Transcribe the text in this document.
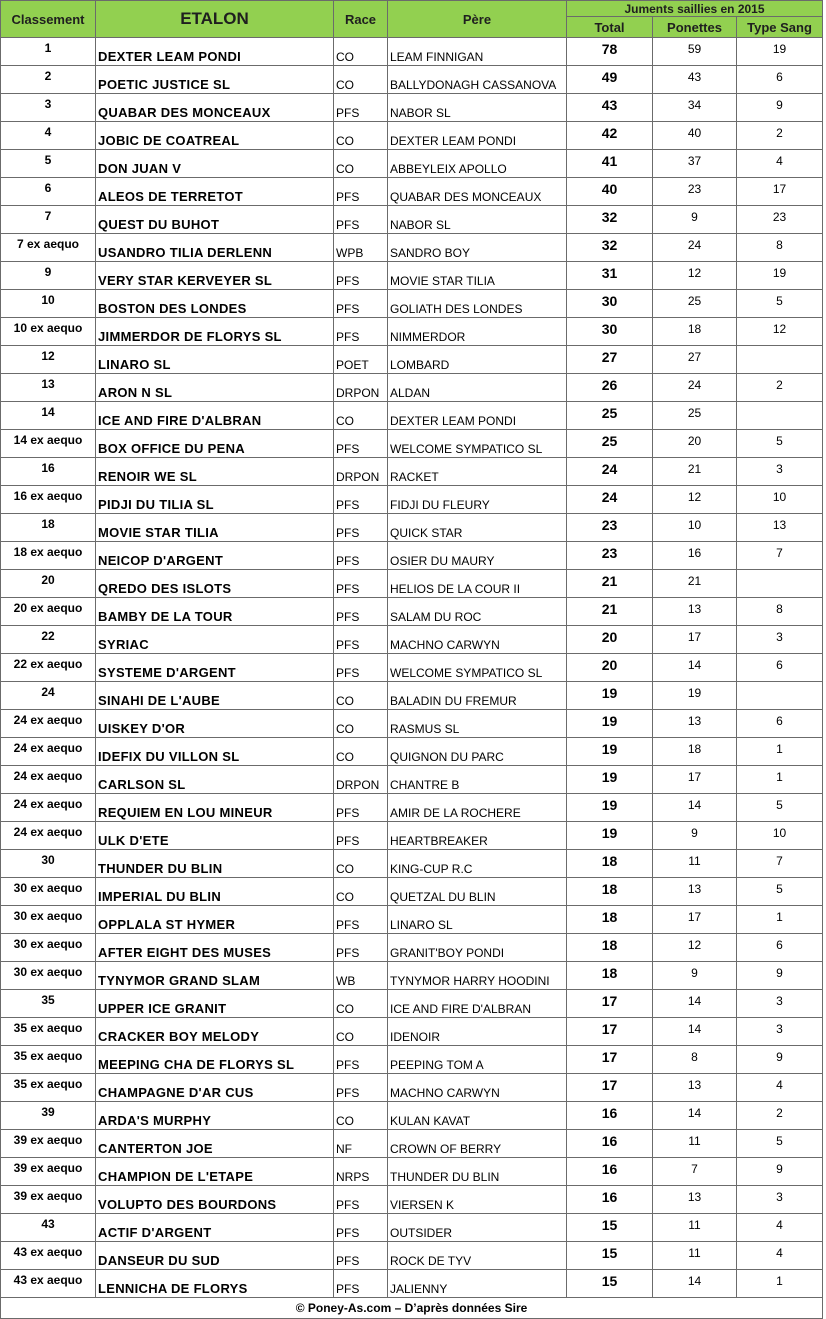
Classement	ETALON	Race	Père	Juments saillies en 2015		
				Total	Ponettes	Type Sang
1	DEXTER LEAM PONDI	CO	LEAM FINNIGAN	78	59	19
2	POETIC JUSTICE SL	CO	BALLYDONAGH CASSANOVA	49	43	6
3	QUABAR DES MONCEAUX	PFS	NABOR SL	43	34	9
4	JOBIC DE COATREAL	CO	DEXTER LEAM PONDI	42	40	2
5	DON JUAN V	CO	ABBEYLEIX APOLLO	41	37	4
6	ALEOS DE TERRETOT	PFS	QUABAR DES MONCEAUX	40	23	17
7	QUEST DU BUHOT	PFS	NABOR SL	32	9	23
7 ex aequo	USANDRO TILIA DERLENN	WPB	SANDRO BOY	32	24	8
9	VERY STAR KERVEYER SL	PFS	MOVIE STAR TILIA	31	12	19
10	BOSTON DES LONDES	PFS	GOLIATH DES LONDES	30	25	5
10 ex aequo	JIMMERDOR DE FLORYS SL	PFS	NIMMERDOR	30	18	12
12	LINARO SL	POET	LOMBARD	27	27	
13	ARON N SL	DRPON	ALDAN	26	24	2
14	ICE AND FIRE D'ALBRAN	CO	DEXTER LEAM PONDI	25	25	
14 ex aequo	BOX OFFICE DU PENA	PFS	WELCOME SYMPATICO SL	25	20	5
16	RENOIR WE SL	DRPON	RACKET	24	21	3
16 ex aequo	PIDJI DU TILIA SL	PFS	FIDJI DU FLEURY	24	12	10
18	MOVIE STAR TILIA	PFS	QUICK STAR	23	10	13
18 ex aequo	NEICOP D'ARGENT	PFS	OSIER DU MAURY	23	16	7
20	QREDO DES ISLOTS	PFS	HELIOS DE LA COUR II	21	21	
20 ex aequo	BAMBY DE LA TOUR	PFS	SALAM DU ROC	21	13	8
22	SYRIAC	PFS	MACHNO CARWYN	20	17	3
22 ex aequo	SYSTEME D'ARGENT	PFS	WELCOME SYMPATICO SL	20	14	6
24	SINAHI DE L'AUBE	CO	BALADIN DU FREMUR	19	19	
24 ex aequo	UISKEY D'OR	CO	RASMUS SL	19	13	6
24 ex aequo	IDEFIX DU VILLON SL	CO	QUIGNON DU PARC	19	18	1
24 ex aequo	CARLSON SL	DRPON	CHANTRE B	19	17	1
24 ex aequo	REQUIEM EN LOU MINEUR	PFS	AMIR DE LA ROCHERE	19	14	5
24 ex aequo	ULK D'ETE	PFS	HEARTBREAKER	19	9	10
30	THUNDER DU BLIN	CO	KING-CUP R.C	18	11	7
30 ex aequo	IMPERIAL DU BLIN	CO	QUETZAL DU BLIN	18	13	5
30 ex aequo	OPPLALA ST HYMER	PFS	LINARO SL	18	17	1
30 ex aequo	AFTER EIGHT DES MUSES	PFS	GRANIT'BOY PONDI	18	12	6
30 ex aequo	TYNYMOR GRAND SLAM	WB	TYNYMOR HARRY HOODINI	18	9	9
35	UPPER ICE GRANIT	CO	ICE AND FIRE D'ALBRAN	17	14	3
35 ex aequo	CRACKER BOY MELODY	CO	IDENOIR	17	14	3
35 ex aequo	MEEPING CHA DE FLORYS SL	PFS	PEEPING TOM A	17	8	9
35 ex aequo	CHAMPAGNE D'AR CUS	PFS	MACHNO CARWYN	17	13	4
39	ARDA'S MURPHY	CO	KULAN KAVAT	16	14	2
39 ex aequo	CANTERTON JOE	NF	CROWN OF BERRY	16	11	5
39 ex aequo	CHAMPION DE L'ETAPE	NRPS	THUNDER DU BLIN	16	7	9
39 ex aequo	VOLUPTO DES BOURDONS	PFS	VIERSEN K	16	13	3
43	ACTIF D'ARGENT	PFS	OUTSIDER	15	11	4
43 ex aequo	DANSEUR DU SUD	PFS	ROCK DE TYV	15	11	4
43 ex aequo	LENNICHA DE FLORYS	PFS	JALIENNY	15	14	1
© Poney-As.com – D’après données Sire						
